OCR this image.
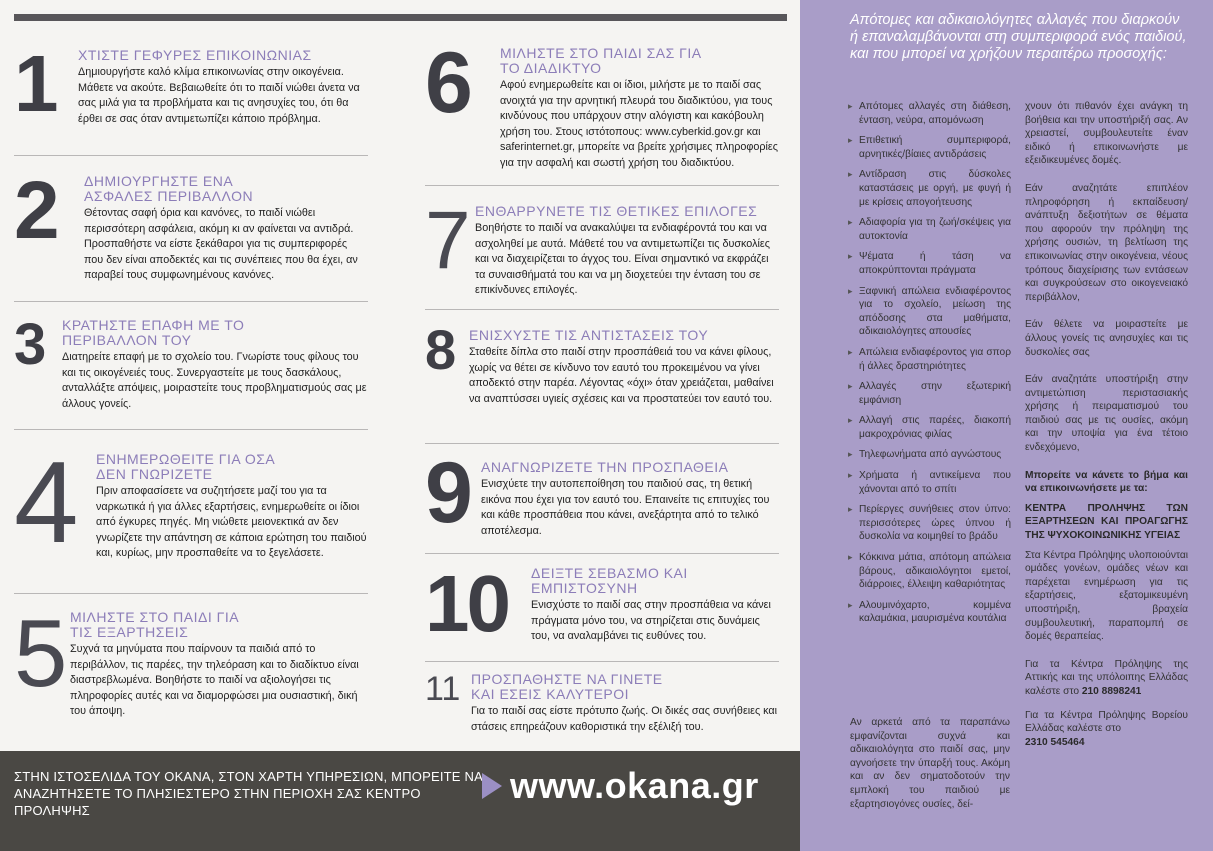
1 ΧΤΙΣΤΕ ΓΕΦΥΡΕΣ ΕΠΙΚΟΙΝΩΝΙΑΣ
Δημιουργήστε καλό κλίμα επικοινωνίας στην οικογένεια. Μάθετε να ακούτε. Βεβαιωθείτε ότι το παιδί νιώθει άνετα να σας μιλά για τα προβλήματα και τις ανησυχίες του, ότι θα έρθει σε σας όταν αντιμετωπίζει κάποιο πρόβλημα.
2 ΔΗΜΙΟΥΡΓΗΣΤΕ ΕΝΑ ΑΣΦΑΛΕΣ ΠΕΡΙΒΑΛΛΟΝ
Θέτοντας σαφή όρια και κανόνες, το παιδί νιώθει περισσότερη ασφάλεια, ακόμη κι αν φαίνεται να αντιδρά. Προσπαθήστε να είστε ξεκάθαροι για τις συμπεριφορές που δεν είναι αποδεκτές και τις συνέπειες που θα έχει, αν παραβεί τους συμφωνημένους κανόνες.
3 ΚΡΑΤΗΣΤΕ ΕΠΑΦΗ ΜΕ ΤΟ ΠΕΡΙΒΑΛΛΟΝ ΤΟΥ
Διατηρείτε επαφή με το σχολείο του. Γνωρίστε τους φίλους του και τις οικογένειές τους. Συνεργαστείτε με τους δασκάλους, ανταλλάξτε απόψεις, μοιραστείτε τους προβληματισμούς σας με άλλους γονείς.
4 ΕΝΗΜΕΡΩΘΕΙΤΕ ΓΙΑ ΟΣΑ ΔΕΝ ΓΝΩΡΙΖΕΤΕ
Πριν αποφασίσετε να συζητήσετε μαζί του για τα ναρκωτικά ή για άλλες εξαρτήσεις, ενημερωθείτε οι ίδιοι από έγκυρες πηγές. Μη νιώθετε μειονεκτικά αν δεν γνωρίζετε την απάντηση σε κάποια ερώτηση του παιδιού και, κυρίως, μην προσπαθείτε να το ξεγελάσετε.
5 ΜΙΛΗΣΤΕ ΣΤΟ ΠΑΙΔΙ ΓΙΑ ΤΙΣ ΕΞΑΡΤΗΣΕΙΣ
Συχνά τα μηνύματα που παίρνουν τα παιδιά από το περιβάλλον, τις παρέες, την τηλεόραση και το διαδίκτυο είναι διαστρεβλωμένα. Βοηθήστε το παιδί να αξιολογήσει τις πληροφορίες αυτές και να διαμορφώσει μια ουσιαστική, δική του άποψη.
6 ΜΙΛΗΣΤΕ ΣΤΟ ΠΑΙΔΙ ΣΑΣ ΓΙΑ ΤΟ ΔΙΑΔΙΚΤΥΟ
Αφού ενημερωθείτε και οι ίδιοι, μιλήστε με το παιδί σας ανοιχτά για την αρνητική πλευρά του διαδικτύου, για τους κινδύνους που υπάρχουν στην αλόγιστη και κακόβουλη χρήση του. Στους ιστότοπους: www.cyberkid.gov.gr και saferinternet.gr, μπορείτε να βρείτε χρήσιμες πληροφορίες για την ασφαλή και σωστή χρήση του διαδικτύου.
7 ΕΝΘΑΡΡΥΝΕΤΕ ΤΙΣ ΘΕΤΙΚΕΣ ΕΠΙΛΟΓΕΣ
Βοηθήστε το παιδί να ανακαλύψει τα ενδιαφέροντά του και να ασχοληθεί με αυτά. Μάθετέ του να αντιμετωπίζει τις δυσκολίες και να διαχειρίζεται το άγχος του. Είναι σημαντικό να εκφράζει τα συναισθήματά του και να μη διοχετεύει την ένταση του σε επικίνδυνες επιλογές.
8 ΕΝΙΣΧΥΣΤΕ ΤΙΣ ΑΝΤΙΣΤΑΣΕΙΣ ΤΟΥ
Σταθείτε δίπλα στο παιδί στην προσπάθειά του να κάνει φίλους, χωρίς να θέτει σε κίνδυνο τον εαυτό του προκειμένου να γίνει αποδεκτό στην παρέα. Λέγοντας «όχι» όταν χρειάζεται, μαθαίνει να αναπτύσσει υγιείς σχέσεις και να προστατεύει τον εαυτό του.
9 ΑΝΑΓΝΩΡΙΖΕΤΕ ΤΗΝ ΠΡΟΣΠΑΘΕΙΑ
Ενισχύετε την αυτοπεποίθηση του παιδιού σας, τη θετική εικόνα που έχει για τον εαυτό του. Επαινείτε τις επιτυχίες του και κάθε προσπάθεια που κάνει, ανεξάρτητα από το τελικό αποτέλεσμα.
10 ΔΕΙΞΤΕ ΣΕΒΑΣΜΟ ΚΑΙ ΕΜΠΙΣΤΟΣΥΝΗ
Ενισχύστε το παιδί σας στην προσπάθεια να κάνει πράγματα μόνο του, να στηρίζεται στις δυνάμεις του, να αναλαμβάνει τις ευθύνες του.
11 ΠΡΟΣΠΑΘΗΣΤΕ ΝΑ ΓΙΝΕΤΕ ΚΑΙ ΕΣΕΙΣ ΚΑΛΥΤΕΡΟΙ
Για το παιδί σας είστε πρότυπο ζωής. Οι δικές σας συνήθειες και στάσεις επηρεάζουν καθοριστικά την εξέλιξή του.
ΣΤΗΝ ΙΣΤΟΣΕΛΙΔΑ ΤΟΥ ΟΚΑΝΑ, ΣΤΟΝ ΧΑΡΤΗ ΥΠΗΡΕΣΙΩΝ, ΜΠΟΡΕΙΤΕ ΝΑ ΑΝΑΖΗΤΗΣΕΤΕ ΤΟ ΠΛΗΣΙΕΣΤΕΡΟ ΣΤΗΝ ΠΕΡΙΟΧΗ ΣΑΣ ΚΕΝΤΡΟ ΠΡΟΛΗΨΗΣ
www.okana.gr
Απότομες και αδικαιολόγητες αλλαγές που διαρκούν ή επαναλαμβάνονται στη συμπεριφορά ενός παιδιού, και που μπορεί να χρήζουν περαιτέρω προσοχής:
▸ Απότομες αλλαγές στη διάθεση, ένταση, νεύρα, απομόνωση
▸ Επιθετική συμπεριφορά, αρνητικές/βίαιες αντιδράσεις
▸ Αντίδραση στις δύσκολες καταστάσεις με οργή, με φυγή ή με κρίσεις απογοήτευσης
▸ Αδιαφορία για τη ζωή/σκέψεις για αυτοκτονία
▸ Ψέματα ή τάση να αποκρύπτονται πράγματα
▸ Ξαφνική απώλεια ενδιαφέροντος για το σχολείο, μείωση της απόδοσης στα μαθήματα, αδικαιολόγητες απουσίες
▸ Απώλεια ενδιαφέροντος για σπορ ή άλλες δραστηριότητες
▸ Αλλαγές στην εξωτερική εμφάνιση
▸ Αλλαγή στις παρέες, διακοπή μακροχρόνιας φιλίας
▸ Τηλεφωνήματα από αγνώστους
▸ Χρήματα ή αντικείμενα που χάνονται από το σπίτι
▸ Περίεργες συνήθειες στον ύπνο: περισσότερες ώρες ύπνου ή δυσκολία να κοιμηθεί το βράδυ
▸ Κόκκινα μάτια, απότομη απώλεια βάρους, αδικαιολόγητοι εμετοί, διάρροιες, έλλειψη καθαριότητας
▸ Αλουμινόχαρτο, κομμένα καλαμάκια, μαυρισμένα κουτάλια
Αν αρκετά από τα παραπάνω εμφανίζονται συχνά και αδικαιολόγητα στο παιδί σας, μην αγνοήσετε την ύπαρξή τους. Ακόμη και αν δεν σηματοδοτούν την εμπλοκή του παιδιού με εξαρτησιογόνες ουσίες, δεί-

χνουν ότι πιθανόν έχει ανάγκη τη βοήθεια και την υποστήριξή σας. Αν χρειαστεί, συμβουλευτείτε έναν ειδικό ή επικοινωνήστε με εξειδικευμένες δομές.

Εάν αναζητάτε επιπλέον πληροφόρηση ή εκπαίδευση/ ανάπτυξη δεξιοτήτων σε θέματα που αφορούν την πρόληψη της χρήσης ουσιών, τη βελτίωση της επικοινωνίας στην οικογένεια, νέους τρόπους διαχείρισης των εντάσεων και συγκρούσεων στο οικογενειακό περιβάλλον,

Εάν θέλετε να μοιραστείτε με άλλους γονείς τις ανησυχίες και τις δυσκολίες σας

Εάν αναζητάτε υποστήριξη στην αντιμετώπιση περιστασιακής χρήσης ή πειραματισμού του παιδιού σας με τις ουσίες, ακόμη και την υποψία για ένα τέτοιο ενδεχόμενο,

Μπορείτε να κάνετε το βήμα και να επικοινωνήσετε με τα:

ΚΕΝΤΡΑ ΠΡΟΛΗΨΗΣ ΤΩΝ ΕΞΑΡΤΗΣΕΩΝ ΚΑΙ ΠΡΟΑΓΩΓΗΣ ΤΗΣ ΨΥΧΟΚΟΙΝΩΝΙΚΗΣ ΥΓΕΙΑΣ

Στα Κέντρα Πρόληψης υλοποιούνται ομάδες γονέων, ομάδες νέων και παρέχεται ενημέρωση για τις εξαρτήσεις, εξατομικευμένη υποστήριξη, βραχεία συμβουλευτική, παραπομπή σε δομές θεραπείας.

Για τα Κέντρα Πρόληψης της Αττικής και της υπόλοιπης Ελλάδας καλέστε στο 210 8898241

Για τα Κέντρα Πρόληψης Βορείου Ελλάδας καλέστε στο
2310 545464
